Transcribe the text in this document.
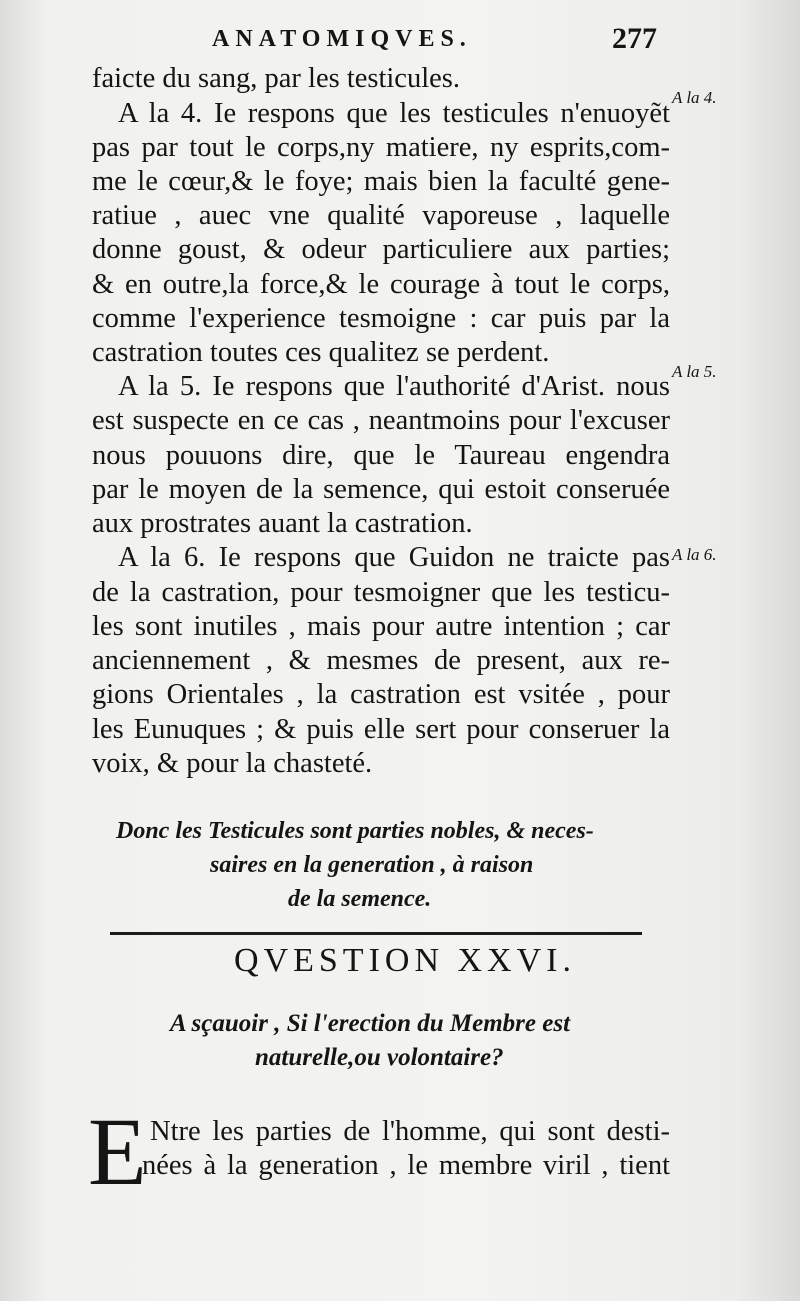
ANATOMIQVES.	277
faicte du sang, par les testicules.
A la 4. Ie respons que les testicules n'enuoyẽt
pas par tout le corps,ny matiere, ny esprits,com-
me le cœur,& le foye; mais bien la faculté gene-
ratiue , auec vne qualité vaporeuse , laquelle
donne goust, & odeur particuliere aux parties;
& en outre,la force,& le courage à tout le corps,
comme l'experience tesmoigne : car puis par la
castration toutes ces qualitez se perdent.
A la 5. Ie respons que l'authorité d'Arist. nous
est suspecte en ce cas , neantmoins pour l'excuser
nous pouuons dire, que le Taureau engendra
par le moyen de la semence, qui estoit conseruée
aux prostrates auant la castration.
A la 6. Ie respons que Guidon ne traicte pas
de la castration, pour tesmoigner que les testicu-
les sont inutiles , mais pour autre intention ; car
anciennement , & mesmes de present, aux re-
gions Orientales , la castration est vsitée , pour
les Eunuques ; & puis elle sert pour conseruer la
voix, & pour la chasteté.
A la 4.
A la 5.
A la 6.
Donc les Testicules sont parties nobles, & neces-
saires en la generation , à raison
de la semence.
QVESTION XXVI.
A sçauoir , Si l'erection du Membre est
naturelle,ou volontaire?
E Ntre les parties de l'homme, qui sont desti-
nées à la generation , le membre viril , tient
